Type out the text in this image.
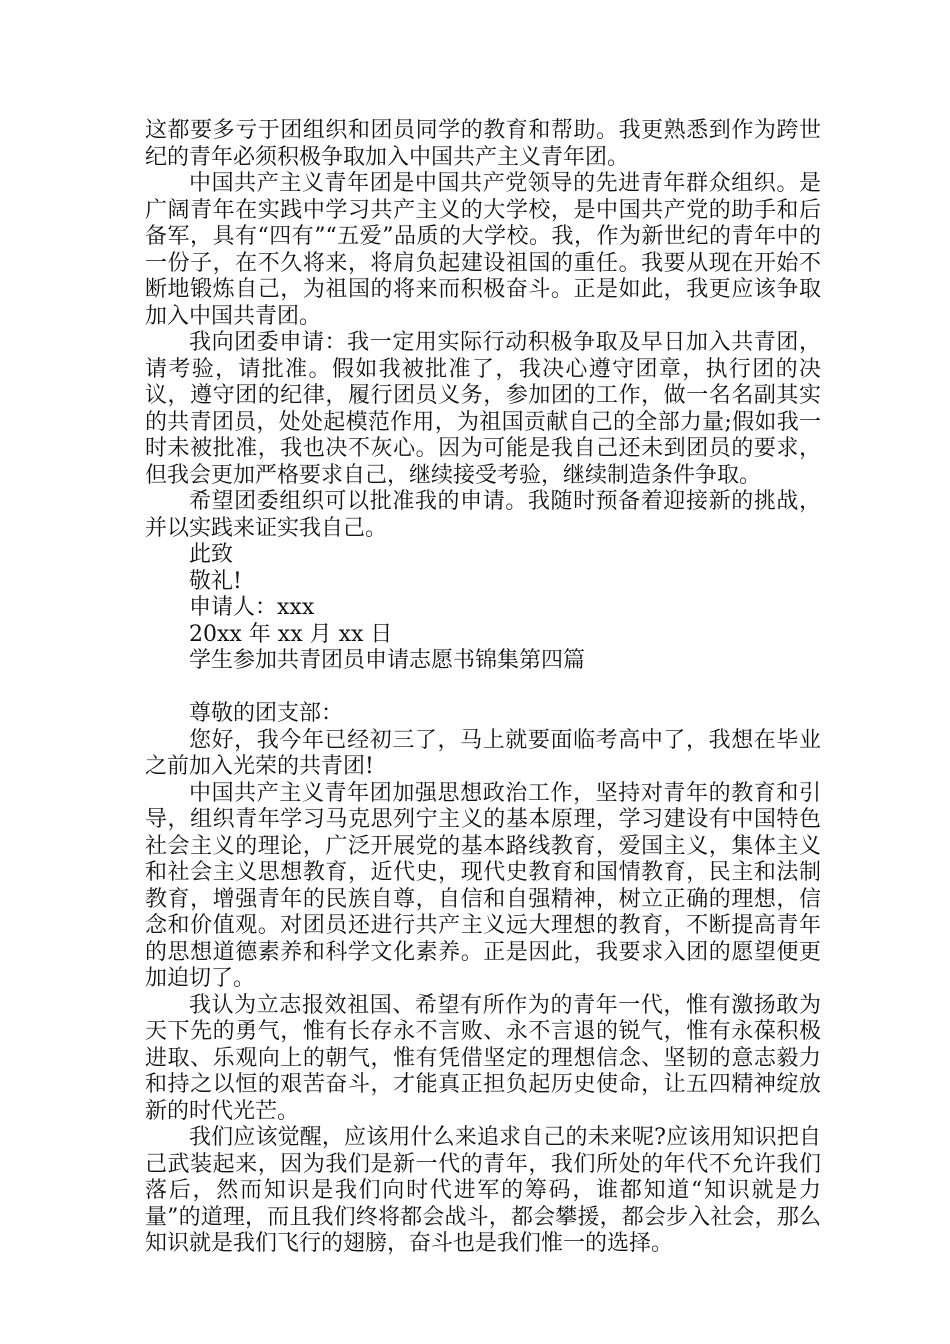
这都要多亏于团组织和团员同学的教育和帮助。我更熟悉到作为跨世纪的青年必须积极争取加入中国共产主义青年团。

中国共产主义青年团是中国共产党领导的先进青年群众组织。是广阔青年在实践中学习共产主义的大学校，是中国共产党的助手和后备军，具有“四有”“五爱”品质的大学校。我，作为新世纪的青年中的一份子，在不久将来，将肩负起建设祖国的重任。我要从现在开始不断地锻炼自己，为祖国的将来而积极奋斗。正是如此，我更应该争取加入中国共青团。

我向团委申请：我一定用实际行动积极争取及早日加入共青团，请考验，请批准。假如我被批准了，我决心遵守团章，执行团的决议，遵守团的纪律，履行团员义务，参加团的工作，做一名名副其实的共青团员，处处起模范作用，为祖国贡献自己的全部力量;假如我一时未被批准，我也决不灰心。因为可能是我自己还未到团员的要求，但我会更加严格要求自己，继续接受考验，继续制造条件争取。

希望团委组织可以批准我的申请。我随时预备着迎接新的挑战，并以实践来证实我自己。

此致

敬礼!

申请人：xxx

20xx 年 xx 月 xx 日

学生参加共青团员申请志愿书锦集第四篇

尊敬的团支部：

您好，我今年已经初三了，马上就要面临考高中了，我想在毕业之前加入光荣的共青团!

中国共产主义青年团加强思想政治工作，坚持对青年的教育和引导，组织青年学习马克思列宁主义的基本原理，学习建设有中国特色社会主义的理论，广泛开展党的基本路线教育，爱国主义，集体主义和社会主义思想教育，近代史，现代史教育和国情教育，民主和法制教育，增强青年的民族自尊，自信和自强精神，树立正确的理想，信念和价值观。对团员还进行共产主义远大理想的教育，不断提高青年的思想道德素养和科学文化素养。正是因此，我要求入团的愿望便更加迫切了。

我认为立志报效祖国、希望有所作为的青年一代，惟有激扬敢为天下先的勇气，惟有长存永不言败、永不言退的锐气，惟有永葆积极进取、乐观向上的朝气，惟有凭借坚定的理想信念、坚韧的意志毅力和持之以恒的艰苦奋斗，才能真正担负起历史使命，让五四精神绽放新的时代光芒。

我们应该觉醒，应该用什么来追求自己的未来呢?应该用知识把自己武装起来，因为我们是新一代的青年，我们所处的年代不允许我们落后，然而知识是我们向时代进军的筹码，谁都知道“知识就是力量”的道理，而且我们终将都会战斗，都会攀援，都会步入社会，那么知识就是我们飞行的翅膀，奋斗也是我们惟一的选择。
